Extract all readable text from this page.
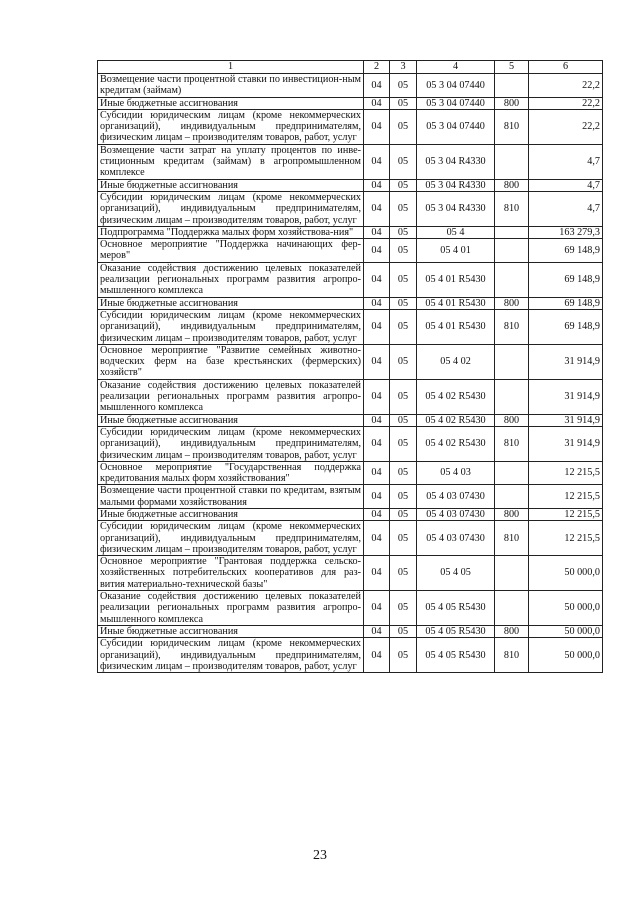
1	2	3	4	5	6
Возмещение части процентной ставки по инвестицион-ным кредитам (займам)	04	05	05 3 04 07440		22,2
Иные бюджетные ассигнования	04	05	05 3 04 07440	800	22,2
Субсидии юридическим лицам (кроме некоммерческих организаций), индивидуальным предпринимателям, физическим лицам – производителям товаров, работ, услуг	04	05	05 3 04 07440	810	22,2
Возмещение части затрат на уплату процентов по инве-стиционным кредитам (займам) в агропромышленном комплексе	04	05	05 3 04 R4330		4,7
Иные бюджетные ассигнования	04	05	05 3 04 R4330	800	4,7
Субсидии юридическим лицам (кроме некоммерческих организаций), индивидуальным предпринимателям, физическим лицам – производителям товаров, работ, услуг	04	05	05 3 04 R4330	810	4,7
Подпрограмма "Поддержка малых форм хозяйствова-ния"	04	05	05 4		163 279,3
Основное мероприятие "Поддержка начинающих фер-меров"	04	05	05 4 01		69 148,9
Оказание содействия достижению целевых показателей реализации региональных программ развития агропро-мышленного комплекса	04	05	05 4 01 R5430		69 148,9
Иные бюджетные ассигнования	04	05	05 4 01 R5430	800	69 148,9
Субсидии юридическим лицам (кроме некоммерческих организаций), индивидуальным предпринимателям, физическим лицам – производителям товаров, работ, услуг	04	05	05 4 01 R5430	810	69 148,9
Основное мероприятие "Развитие семейных животно-водческих ферм на базе крестьянских (фермерских) хозяйств"	04	05	05 4 02		31 914,9
Оказание содействия достижению целевых показателей реализации региональных программ развития агропро-мышленного комплекса	04	05	05 4 02 R5430		31 914,9
Иные бюджетные ассигнования	04	05	05 4 02 R5430	800	31 914,9
Субсидии юридическим лицам (кроме некоммерческих организаций), индивидуальным предпринимателям, физическим лицам – производителям товаров, работ, услуг	04	05	05 4 02 R5430	810	31 914,9
Основное мероприятие "Государственная поддержка кредитования малых форм хозяйствования"	04	05	05 4 03		12 215,5
Возмещение части процентной ставки по кредитам, взятым малыми формами хозяйствования	04	05	05 4 03 07430		12 215,5
Иные бюджетные ассигнования	04	05	05 4 03 07430	800	12 215,5
Субсидии юридическим лицам (кроме некоммерческих организаций), индивидуальным предпринимателям, физическим лицам – производителям товаров, работ, услуг	04	05	05 4 03 07430	810	12 215,5
Основное мероприятие "Грантовая поддержка сельско-хозяйственных потребительских кооперативов для раз-вития материально-технической базы"	04	05	05 4 05		50 000,0
Оказание содействия достижению целевых показателей реализации региональных программ развития агропро-мышленного комплекса	04	05	05 4 05 R5430		50 000,0
Иные бюджетные ассигнования	04	05	05 4 05 R5430	800	50 000,0
Субсидии юридическим лицам (кроме некоммерческих организаций), индивидуальным предпринимателям, физическим лицам – производителям товаров, работ, услуг	04	05	05 4 05 R5430	810	50 000,0
23
